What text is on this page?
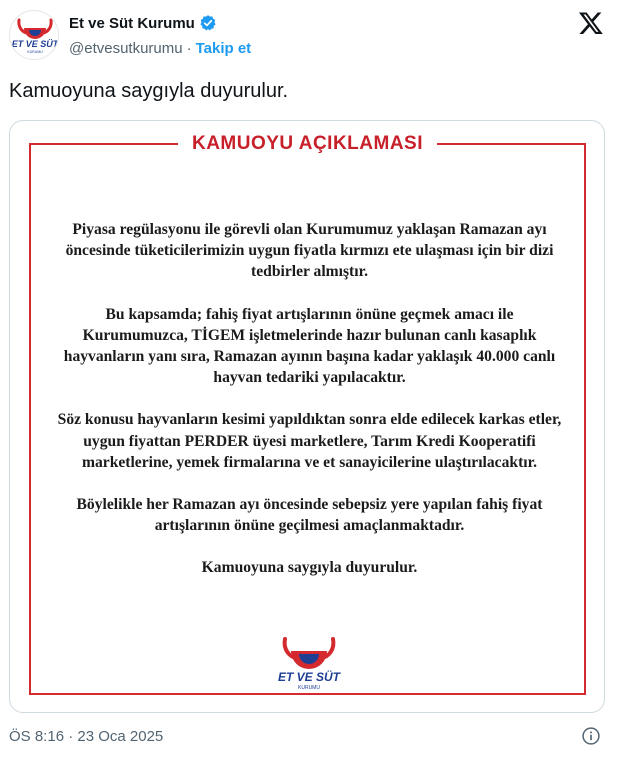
ET VE SÜT
KURUMU
Et ve Süt Kurumu
@etvesutkurumu · Takip et
Kamuoyuna saygıyla duyurulur.
KAMUOYU AÇIKLAMASI

Piyasa regülasyonu ile görevli olan Kurumumuz yaklaşan Ramazan ayı öncesinde tüketicilerimizin uygun fiyatla kırmızı ete ulaşması için bir dizi tedbirler almıştır.

Bu kapsamda; fahiş fiyat artışlarının önüne geçmek amacı ile Kurumumuzca, TİGEM işletmelerinde hazır bulunan canlı kasaplık hayvanların yanı sıra, Ramazan ayının başına kadar yaklaşık 40.000 canlı hayvan tedariki yapılacaktır.

Söz konusu hayvanların kesimi yapıldıktan sonra elde edilecek karkas etler, uygun fiyattan PERDER üyesi marketlere, Tarım Kredi Kooperatifi marketlerine, yemek firmalarına ve et sanayicilerine ulaştırılacaktır.

Böylelikle her Ramazan ayı öncesinde sebepsiz yere yapılan fahiş fiyat artışlarının önüne geçilmesi amaçlanmaktadır.

Kamuoyuna saygıyla duyurulur.

ET VE SÜT
KURUMU
ÖS 8:16 · 23 Oca 2025
